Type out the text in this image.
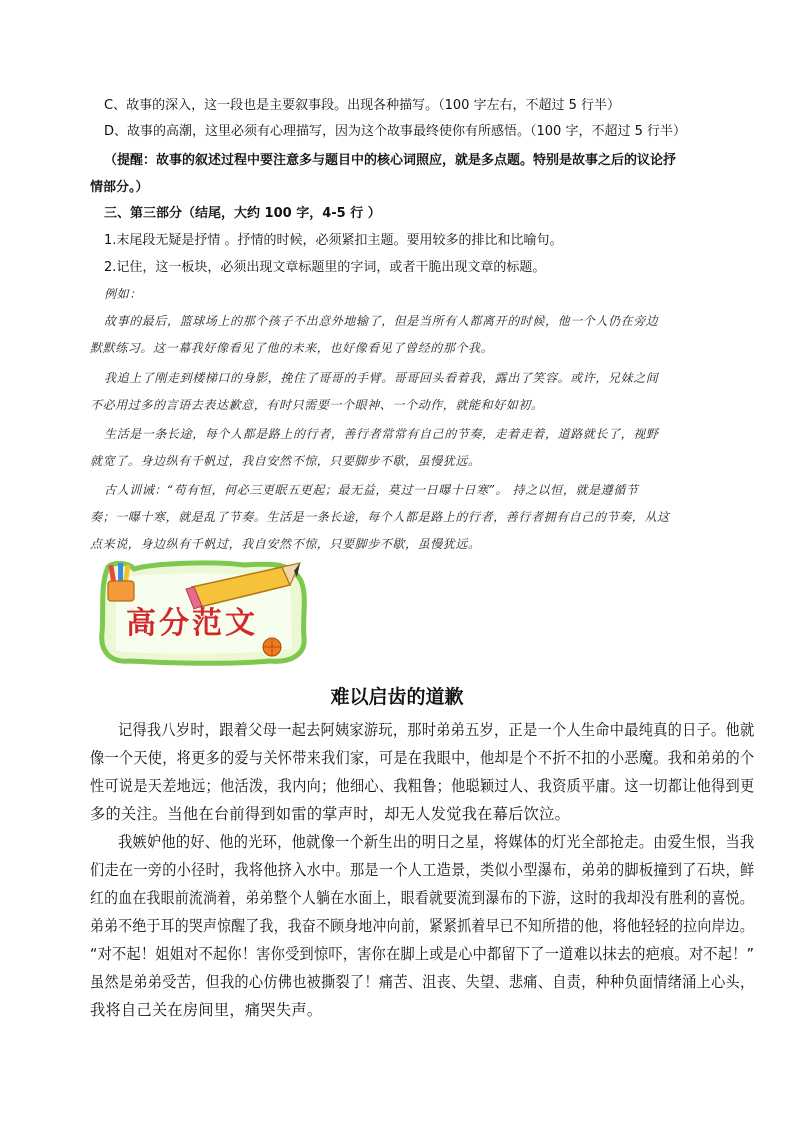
C、故事的深入，这一段也是主要叙事段。出现各种描写。（100 字左右，不超过 5 行半）

D、故事的高潮，这里必须有心理描写，因为这个故事最终使你有所感悟。（100 字，不超过 5 行半）

（提醒：故事的叙述过程中要注意多与题目中的核心词照应，就是多点题。特别是故事之后的议论抒

情部分。）

三、第三部分（结尾，大约 100 字，4-5 行 ）

1.末尾段无疑是抒情 。抒情的时候，必须紧扣主题。要用较多的排比和比喻句。

2.记住，这一板块，必须出现文章标题里的字词，或者干脆出现文章的标题。

例如：

故事的最后，篮球场上的那个孩子不出意外地输了，但是当所有人都离开的时候，他一个人仍在旁边

默默练习。这一幕我好像看见了他的未来，也好像看见了曾经的那个我。

我追上了刚走到楼梯口的身影，挽住了哥哥的手臂。哥哥回头看着我，露出了笑容。或许，兄妹之间

不必用过多的言语去表达歉意，有时只需要一个眼神、一个动作，就能和好如初。

生活是一条长途，每个人都是路上的行者，善行者常常有自己的节奏，走着走着，道路就长了，视野

就宽了。身边纵有千帆过，我自安然不惊，只要脚步不歇，虽慢犹远。

古人训诫：“苟有恒，何必三更眠五更起；最无益，莫过一日曝十日寒”。 持之以恒，就是遵循节

奏；一曝十寒，就是乱了节奏。生活是一条长途，每个人都是路上的行者，善行者拥有自己的节奏，从这

点来说，身边纵有千帆过，我自安然不惊，只要脚步不歇，虽慢犹远。

高分范文
难以启齿的道歉

记得我八岁时，跟着父母一起去阿姨家游玩，那时弟弟五岁，正是一个人生命中最纯真的日子。他就

像一个天使，将更多的爱与关怀带来我们家，可是在我眼中，他却是个不折不扣的小恶魔。我和弟弟的个

性可说是天差地远；他活泼，我内向；他细心、我粗鲁；他聪颖过人、我资质平庸。这一切都让他得到更

多的关注。当他在台前得到如雷的掌声时，却无人发觉我在幕后饮泣。

我嫉妒他的好、他的光环，他就像一个新生出的明日之星，将媒体的灯光全部抢走。由爱生恨，当我

们走在一旁的小径时，我将他挤入水中。那是一个人工造景，类似小型瀑布，弟弟的脚板撞到了石块，鲜

红的血在我眼前流淌着，弟弟整个人躺在水面上，眼看就要流到瀑布的下游，这时的我却没有胜利的喜悦。

弟弟不绝于耳的哭声惊醒了我，我奋不顾身地冲向前，紧紧抓着早已不知所措的他，将他轻轻的拉向岸边。

“对不起！姐姐对不起你！害你受到惊吓，害你在脚上或是心中都留下了一道难以抹去的疤痕。对不起！”

虽然是弟弟受苦，但我的心仿佛也被撕裂了！痛苦、沮丧、失望、悲痛、自责，种种负面情绪涌上心头，

我将自己关在房间里，痛哭失声。
